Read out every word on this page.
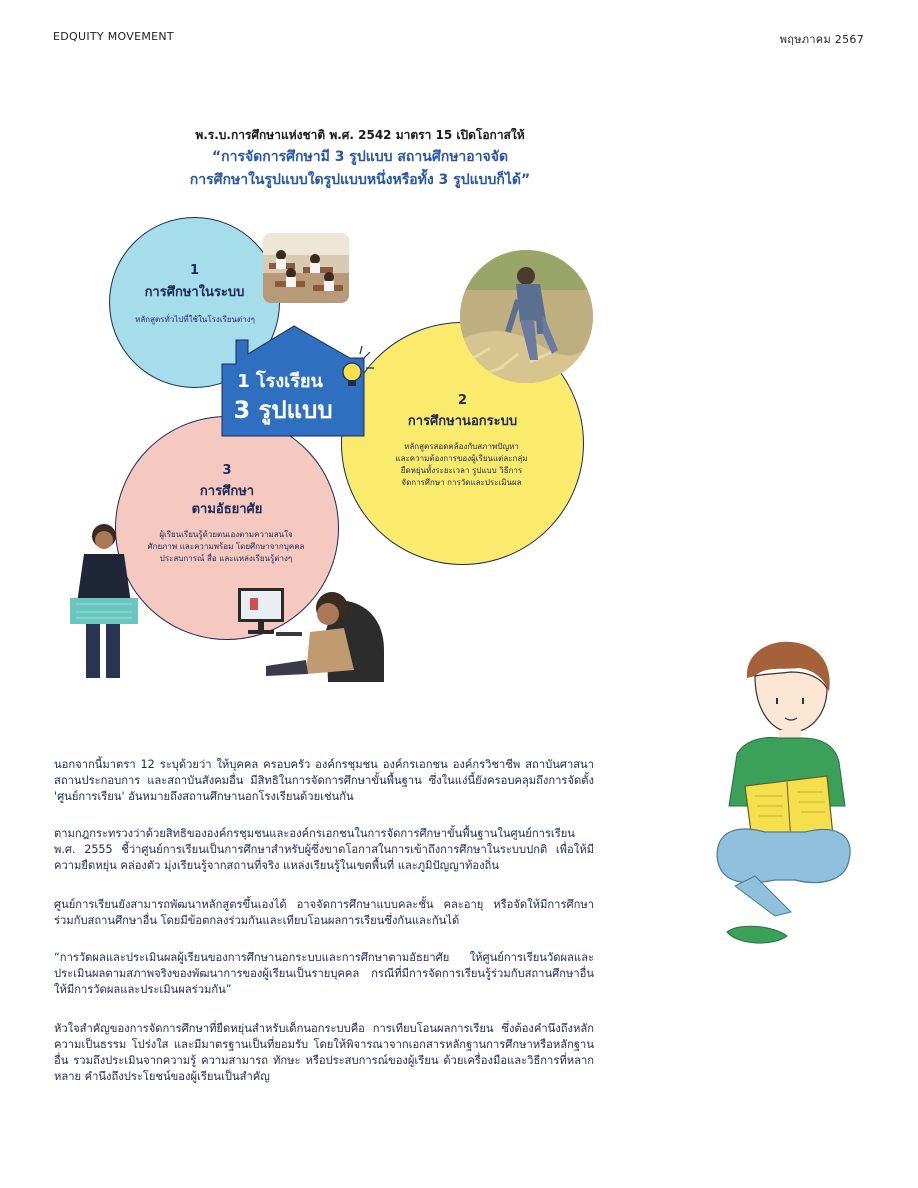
EDQUITY MOVEMENT	พฤษภาคม 2567
พ.ร.บ.การศึกษาแห่งชาติ พ.ศ. 2542 มาตรา 15 เปิดโอกาสให้
“การจัดการศึกษามี 3 รูปแบบ สถานศึกษาอาจจัด
การศึกษาในรูปแบบใดรูปแบบหนึ่งหรือทั้ง 3 รูปแบบก็ได้”
1
การศึกษาในระบบ
หลักสูตรทั่วไปที่ใช้ในโรงเรียนต่างๆ
2
การศึกษานอกระบบ
หลักสูตรสอดคล้องกับสภาพปัญหา
และความต้องการของผู้เรียนแต่ละกลุ่ม
ยืดหยุ่นทั้งระยะเวลา รูปแบบ วิธีการ
จัดการศึกษา การวัดและประเมินผล
3
การศึกษา
ตามอัธยาศัย
ผู้เรียนเรียนรู้ด้วยตนเองตามความสนใจ
ศักยภาพ และความพร้อม โดยศึกษาจากบุคคล
ประสบการณ์ สื่อ และแหล่งเรียนรู้ต่างๆ
1 โรงเรียน
3 รูปแบบ
นอกจากนี้มาตรา 12 ระบุด้วยว่า ให้บุคคล ครอบครัว องค์กรชุมชน องค์กรเอกชน องค์กรวิชาชีพ สถาบันศาสนา สถานประกอบการ และสถาบันสังคมอื่น มีสิทธิในการจัดการศึกษาขั้นพื้นฐาน ซึ่งในแง่นี้ยังครอบคลุมถึงการจัดตั้ง 'ศูนย์การเรียน' อันหมายถึงสถานศึกษานอกโรงเรียนด้วยเช่นกัน
ตามกฎกระทรวงว่าด้วยสิทธิขององค์กรชุมชนและองค์กรเอกชนในการจัดการศึกษาขั้นพื้นฐานในศูนย์การเรียน พ.ศ. 2555 ชี้ว่าศูนย์การเรียนเป็นการศึกษาสำหรับผู้ซึ่งขาดโอกาสในการเข้าถึงการศึกษาในระบบปกติ เพื่อให้มีความยืดหยุ่น คล่องตัว มุ่งเรียนรู้จากสถานที่จริง แหล่งเรียนรู้ในเขตพื้นที่ และภูมิปัญญาท้องถิ่น
ศูนย์การเรียนยังสามารถพัฒนาหลักสูตรขึ้นเองได้ อาจจัดการศึกษาแบบคละชั้น คละอายุ หรือจัดให้มีการศึกษาร่วมกับสถานศึกษาอื่น โดยมีข้อตกลงร่วมกันและเทียบโอนผลการเรียนซึ่งกันและกันได้
“การวัดผลและประเมินผลผู้เรียนของการศึกษานอกระบบและการศึกษาตามอัธยาศัย ให้ศูนย์การเรียนวัดผลและประเมินผลตามสภาพจริงของพัฒนาการของผู้เรียนเป็นรายบุคคล กรณีที่มีการจัดการเรียนรู้ร่วมกับสถานศึกษาอื่น ให้มีการวัดผลและประเมินผลร่วมกัน”
หัวใจสำคัญของการจัดการศึกษาที่ยืดหยุ่นสำหรับเด็กนอกระบบคือ การเทียบโอนผลการเรียน ซึ่งต้องคำนึงถึงหลักความเป็นธรรม โปร่งใส และมีมาตรฐานเป็นที่ยอมรับ โดยให้พิจารณาจากเอกสารหลักฐานการศึกษาหรือหลักฐานอื่น รวมถึงประเมินจากความรู้ ความสามารถ ทักษะ หรือประสบการณ์ของผู้เรียน ด้วยเครื่องมือและวิธีการที่หลากหลาย คำนึงถึงประโยชน์ของผู้เรียนเป็นสำคัญ
